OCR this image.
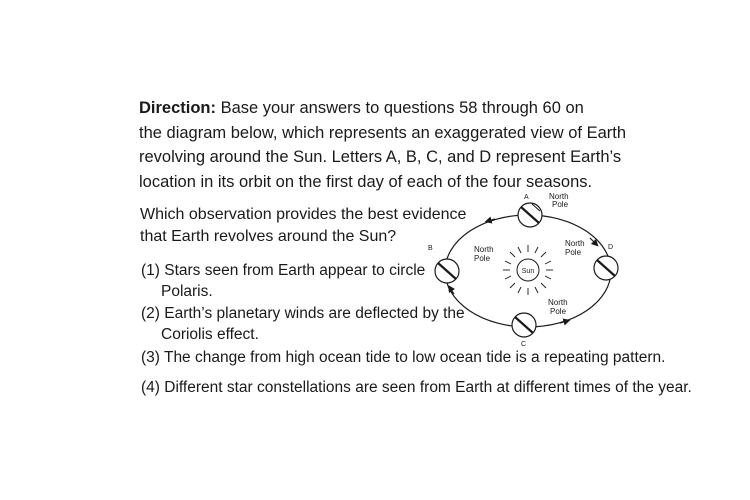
Direction: Base your answers to questions 58 through 60 on
the diagram below, which represents an exaggerated view of Earth
revolving around the Sun. Letters A, B, C, and D represent Earth’s
location in its orbit on the first day of each of the four seasons.
Which observation provides the best evidence
that Earth revolves around the Sun?
(1) Stars seen from Earth appear to circle
Polaris.
(2) Earth’s planetary winds are deflected by the
Coriolis effect.
(3) The change from high ocean tide to low ocean tide is a repeating pattern.
(4) Different star constellations are seen from Earth at different times of the year.
Sun
A	North
Pole
B	North
Pole
C
North
Pole
D
North
Pole
